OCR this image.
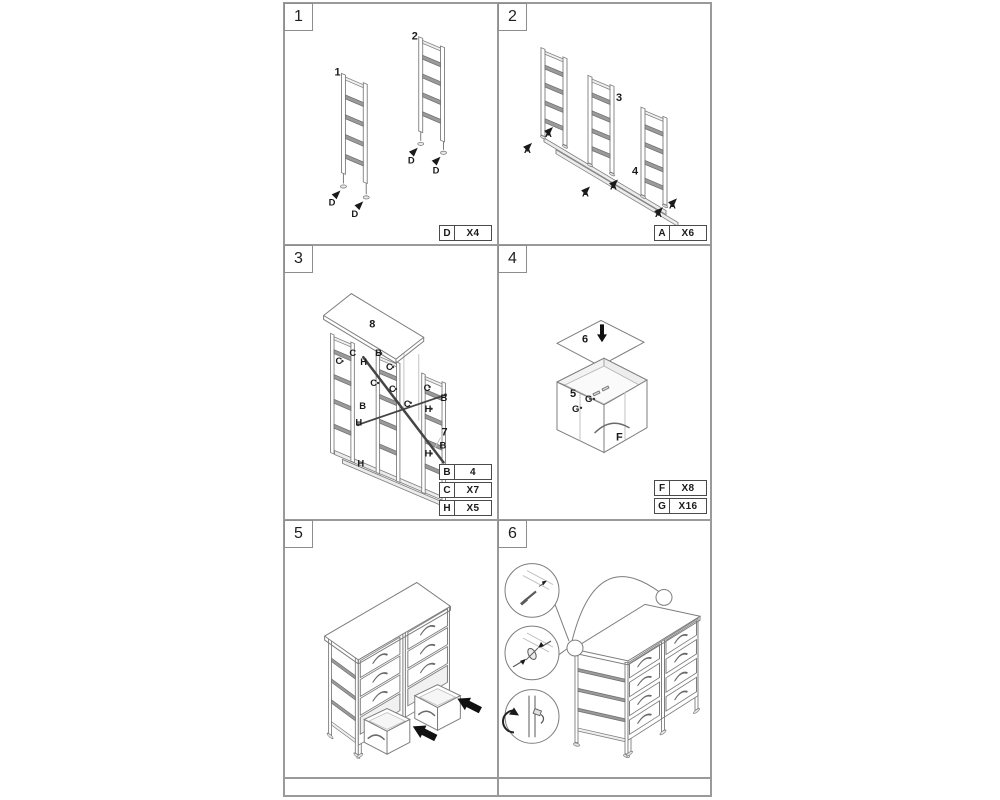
1
1
2
D
D
D
D
D	X4
2
3
4
A
A
A
A
A
A
A	X6
3
8
7
C
C
C
C
C	C
C
B
B
B
B
H
H
H
H
H
B	4
C	X7
H	X5
4
6
5 G
G
F
F	X8
G	X16
5	6
